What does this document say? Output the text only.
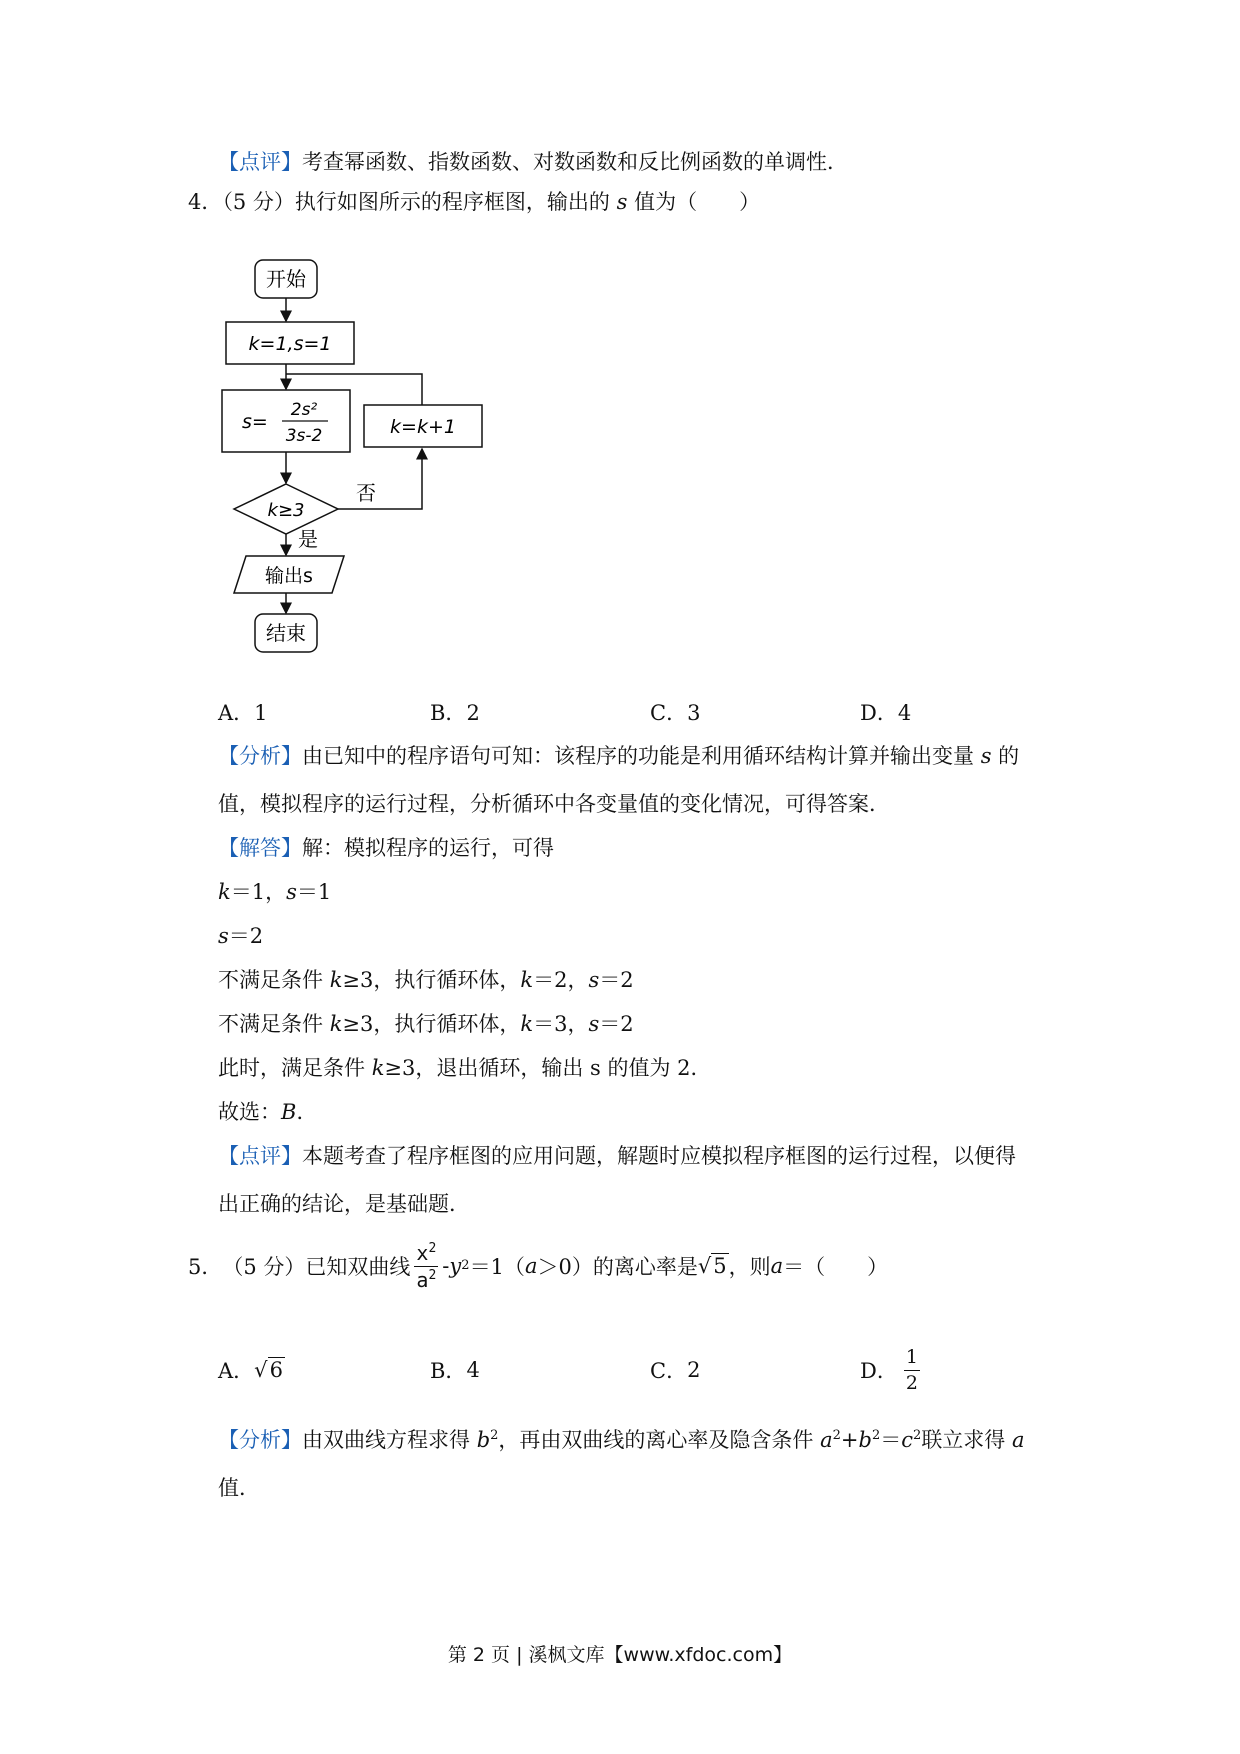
【点评】考查幂函数、指数函数、对数函数和反比例函数的单调性．
4．（5 分）执行如图所示的程序框图，输出的 s 值为（　　）
开始
k=1,s=1
s=
2s²
3s-2	k=k+1
k≥3
否
是
输出s
结束
A．1	B．2	C．3	D．4
【分析】由已知中的程序语句可知：该程序的功能是利用循环结构计算并输出变量 s 的
值，模拟程序的运行过程，分析循环中各变量值的变化情况，可得答案．
【解答】解：模拟程序的运行，可得
k＝1，s＝1
s＝2
不满足条件 k≥3，执行循环体，k＝2，s＝2
不满足条件 k≥3，执行循环体，k＝3，s＝2
此时，满足条件 k≥3，退出循环，输出 s 的值为 2．
故选：B．
【点评】本题考查了程序框图的应用问题，解题时应模拟程序框图的运行过程，以便得
出正确的结论，是基础题．
5． （5 分） 已知双曲线 $\frac{x^2}{a^2}$ - y 2 ＝1（ a ＞0）的离心率是 √5 ，则 a ＝（　　）
A． √6	B． 4	C． 2	D． $\frac{1}{2}$
【分析】由双曲线方程求得 $b^2$，再由双曲线的离心率及隐含条件 $a^2+b^2=c^2$联立求得 a
值．
第 2 页 | 溪枫文库【www.xfdoc.com】
